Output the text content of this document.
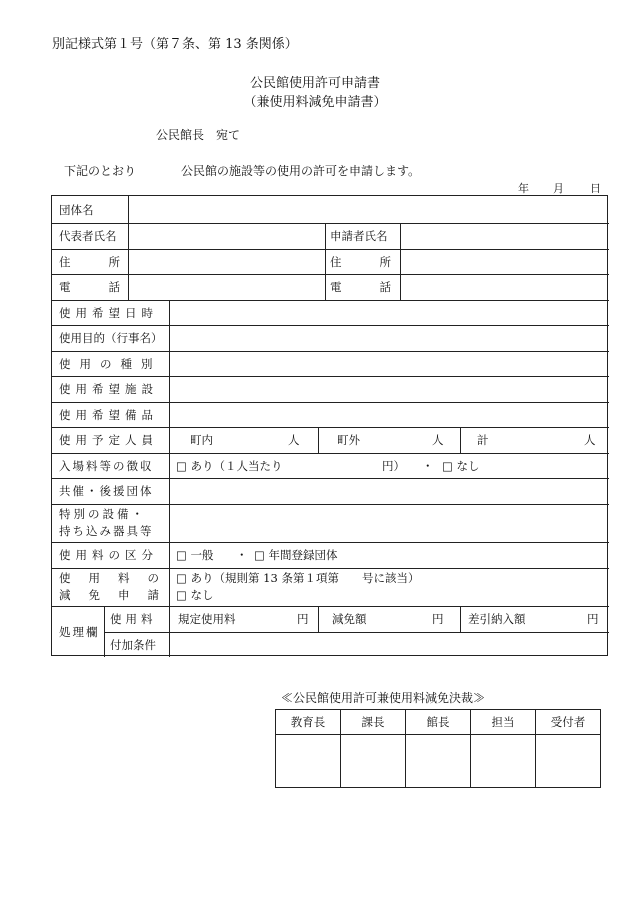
別記様式第１号（第７条、第 13 条関係）
公民館使用許可申請書
（兼使用料減免申請書）
公民館長　宛て
下記のとおり	公民館の施設等の使用の許可を申請します。
年 月 日
団体名
代表者氏名	申請者氏名
住所	住所
電話	電話
使用希望日時
使用目的（行事名）
使用の種別
使用希望施設
使用希望備品
使用予定人員	町内	人	町外	人	計	人
入場料等の徴収 □ あり（１人当たり	円） ・ □ なし
共催・後援団体
特別の設備・
持ち込み器具等
使用料の区分 □ 一般 ・ □ 年間登録団体
使用料の
減免申請
□ あり（規則第 13 条第１項第　　号に該当）
□ なし
処理欄
使用料 規定使用料	円 減免額	円 差引納入額	円
付加条件
≪公民館使用許可兼使用料減免決裁≫
教育長	課長	館長	担当	受付者
